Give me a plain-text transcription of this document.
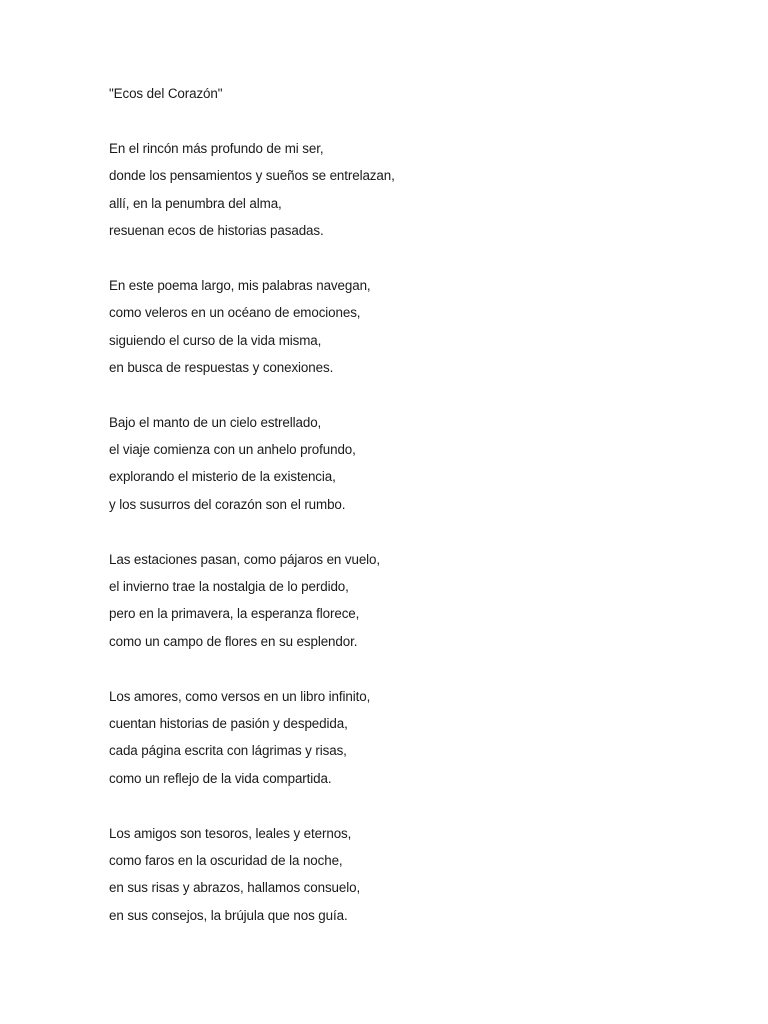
"Ecos del Corazón"
En el rincón más profundo de mi ser,
donde los pensamientos y sueños se entrelazan,
allí, en la penumbra del alma,
resuenan ecos de historias pasadas.
En este poema largo, mis palabras navegan,
como veleros en un océano de emociones,
siguiendo el curso de la vida misma,
en busca de respuestas y conexiones.
Bajo el manto de un cielo estrellado,
el viaje comienza con un anhelo profundo,
explorando el misterio de la existencia,
y los susurros del corazón son el rumbo.
Las estaciones pasan, como pájaros en vuelo,
el invierno trae la nostalgia de lo perdido,
pero en la primavera, la esperanza florece,
como un campo de flores en su esplendor.
Los amores, como versos en un libro infinito,
cuentan historias de pasión y despedida,
cada página escrita con lágrimas y risas,
como un reflejo de la vida compartida.
Los amigos son tesoros, leales y eternos,
como faros en la oscuridad de la noche,
en sus risas y abrazos, hallamos consuelo,
en sus consejos, la brújula que nos guía.
